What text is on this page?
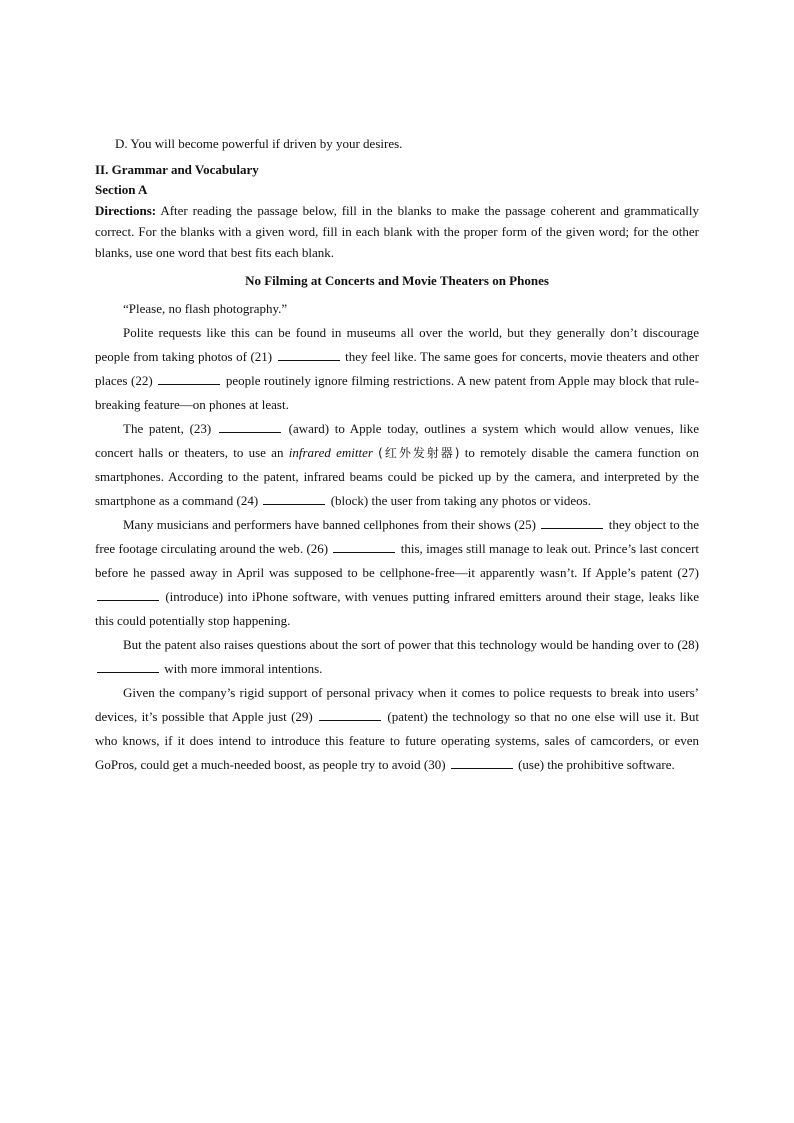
D. You will become powerful if driven by your desires.

II. Grammar and Vocabulary

Section A

Directions: After reading the passage below, fill in the blanks to make the passage coherent and grammatically correct. For the blanks with a given word, fill in each blank with the proper form of the given word; for the other blanks, use one word that best fits each blank.

No Filming at Concerts and Movie Theaters on Phones

“Please, no flash photography.”

Polite requests like this can be found in museums all over the world, but they generally don’t discourage people from taking photos of (21)	they feel like. The same goes for concerts, movie theaters and other places (22)	people routinely ignore filming restrictions. A new patent from Apple may block that rule-breaking feature—on phones at least.

The patent, (23)	(award) to Apple today, outlines a system which would allow venues, like concert halls or theaters, to use an infrared emitter (红外发射器) to remotely disable the camera function on smartphones. According to the patent, infrared beams could be picked up by the camera, and interpreted by the smartphone as a command (24)	(block) the user from taking any photos or videos.

Many musicians and performers have banned cellphones from their shows (25)	they object to the free footage circulating around the web. (26)	this, images still manage to leak out. Prince’s last concert before he passed away in April was supposed to be cellphone-free—it apparently wasn’t. If Apple’s patent (27)  (introduce) into iPhone software, with venues putting infrared emitters around their stage, leaks like this could potentially stop happening.

But the patent also raises questions about the sort of power that this technology would be handing over to (28)  with more immoral intentions.

Given the company’s rigid support of personal privacy when it comes to police requests to break into users’ devices, it’s possible that Apple just (29)	(patent) the technology so that no one else will use it. But who knows, if it does intend to introduce this feature to future operating systems, sales of camcorders, or even GoPros, could get a much-needed boost, as people try to avoid (30)	(use) the prohibitive software.
